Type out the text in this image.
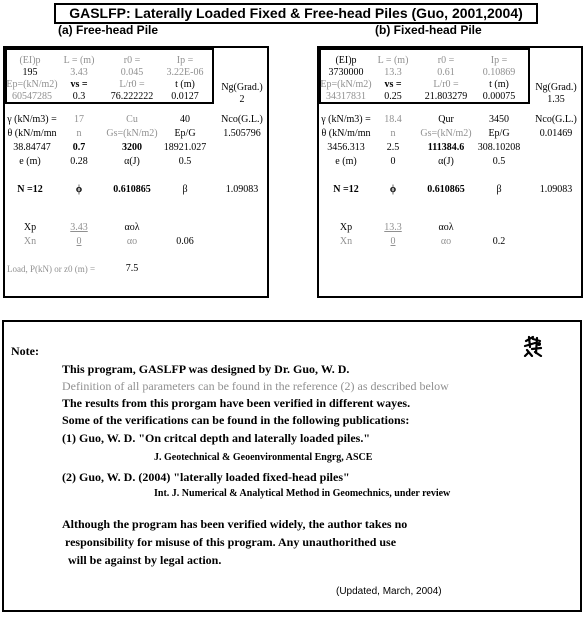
GASLFP: Laterally Loaded Fixed & Free-head Piles (Guo, 2001,2004)
(a) Free-head Pile	(b) Fixed-head Pile
(EI)p	L = (m)	r0 =	Ip =
195	3.43	0.045	3.22E-06
Ep=(kN/m2)	vs =	L/r0 =	t (m)	Ng(Grad.)
60547285	0.3	76.222222	0.0127	2
γ (kN/m3) =	17	Cu	40	Nco(G.L.)
θ (kN/m/mn	n	Gs=(kN/m2)	Ep/G	1.505796
38.84747	0.7	3200	18921.027
e (m)	0.28	α(J)	0.5
N =12	ϕ	0.610865	β	1.09083
Xp	3.43	αoλ
Xn	0	αo	0.06
Load, P(kN) or z0 (m) =	7.5
(EI)p	L = (m)	r0 =	Ip =
3730000	13.3	0.61	0.10869
Ep=(kN/m2)	vs =	L/r0 =	t (m)	Ng(Grad.)
34317831	0.25	21.803279	0.00075	1.35
γ (kN/m3) =	18.4	Qur	3450	Nco(G.L.)
θ (kN/m/mn	n	Gs=(kN/m2)	Ep/G	0.01469
3456.313	2.5	111384.6	308.10208
e (m)	0	α(J)	0.5
N =12	ϕ	0.610865	β	1.09083
Xp	13.3	αoλ
Xn	0	αo	0.2
Note:
This program, GASLFP was designed by Dr. Guo, W. D.
Definition of all parameters can be found in the reference (2) as described below
The results from this prorgam have been verified in different wayes.
Some of the verifications can be found in the following publications:
(1) Guo, W. D. "On critcal depth and laterally loaded piles."
J. Geotechnical & Geoenvironmental Engrg, ASCE
(2) Guo, W. D. (2004) "laterally loaded fixed-head piles"
Int. J. Numerical & Analytical Method in Geomechnics, under review
Although the program has been verified widely, the author takes no
responsibility for misuse of this program. Any unauthorithed use
will be against by legal action.
(Updated, March, 2004)
